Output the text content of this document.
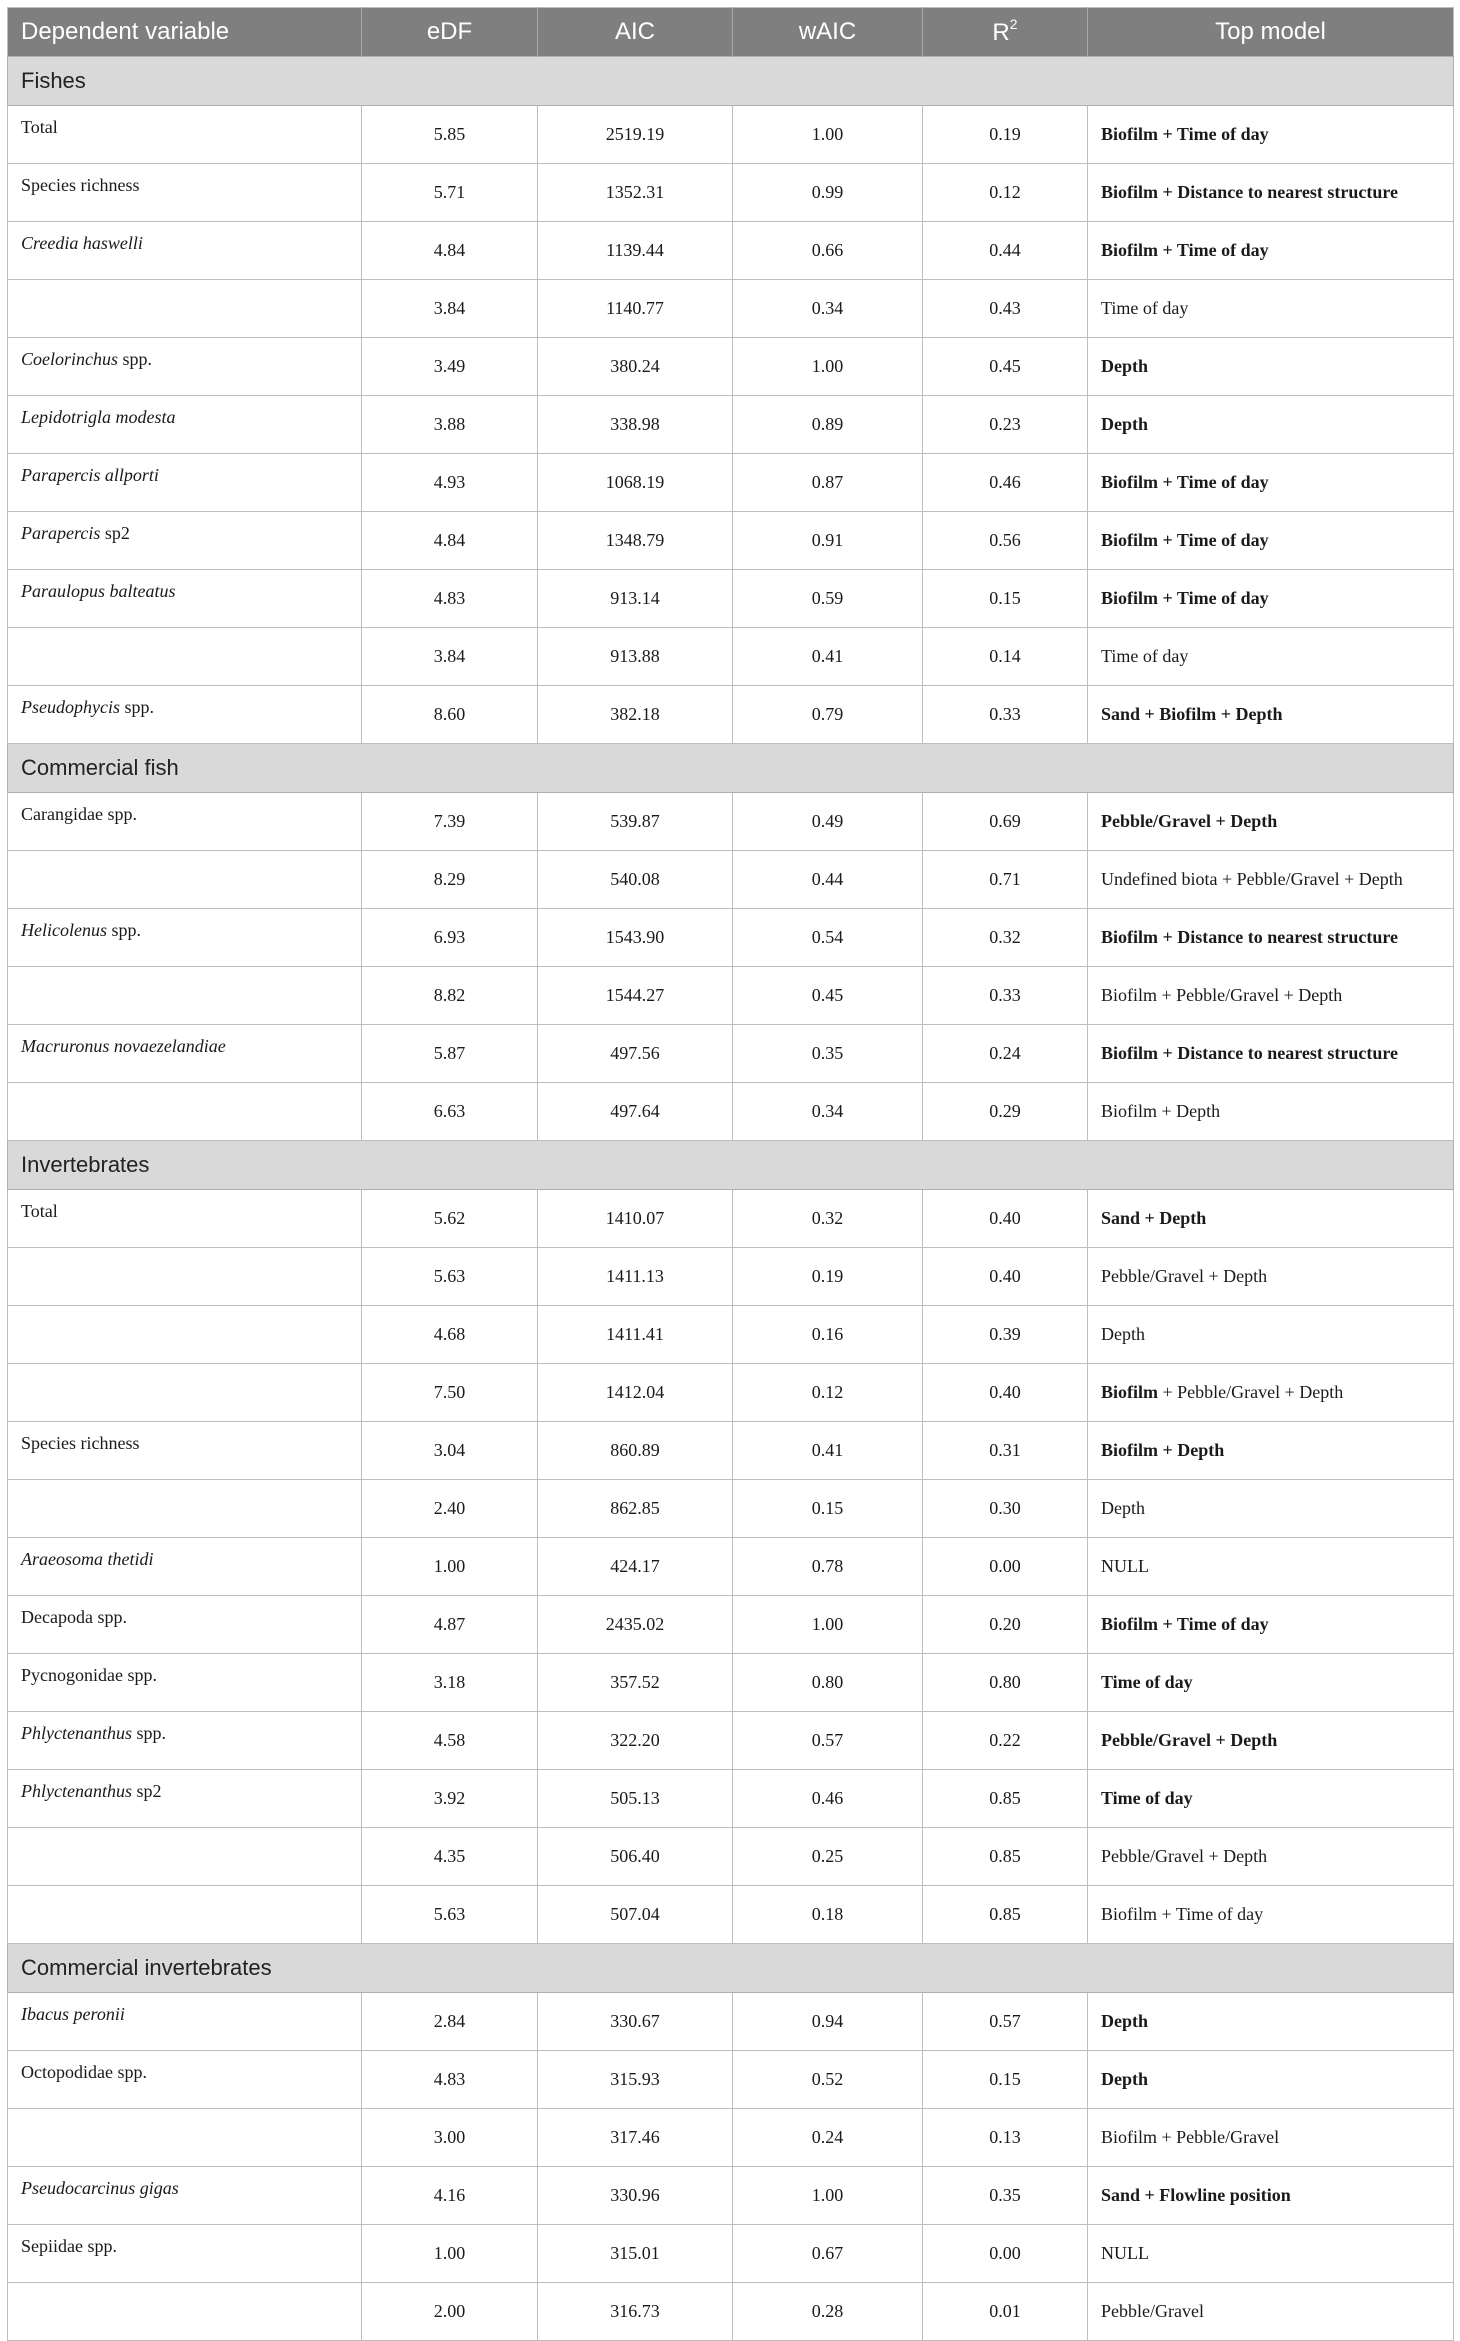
Dependent variable	eDF	AIC	wAIC	$R^2$	Top model
Fishes					
Total	5.85	2519.19	1.00	0.19	Biofilm + Time of day
Species richness	5.71	1352.31	0.99	0.12	Biofilm + Distance to nearest structure
Creedia haswelli	4.84	1139.44	0.66	0.44	Biofilm + Time of day
	3.84	1140.77	0.34	0.43	Time of day
Coelorinchus spp.	3.49	380.24	1.00	0.45	Depth
Lepidotrigla modesta	3.88	338.98	0.89	0.23	Depth
Parapercis allporti	4.93	1068.19	0.87	0.46	Biofilm + Time of day
Parapercis sp2	4.84	1348.79	0.91	0.56	Biofilm + Time of day
Paraulopus balteatus	4.83	913.14	0.59	0.15	Biofilm + Time of day
	3.84	913.88	0.41	0.14	Time of day
Pseudophycis spp.	8.60	382.18	0.79	0.33	Sand + Biofilm + Depth
Commercial fish					
Carangidae spp.	7.39	539.87	0.49	0.69	Pebble/Gravel + Depth
	8.29	540.08	0.44	0.71	Undefined biota + Pebble/Gravel + Depth
Helicolenus spp.	6.93	1543.90	0.54	0.32	Biofilm + Distance to nearest structure
	8.82	1544.27	0.45	0.33	Biofilm + Pebble/Gravel + Depth
Macruronus novaezelandiae	5.87	497.56	0.35	0.24	Biofilm + Distance to nearest structure
	6.63	497.64	0.34	0.29	Biofilm + Depth
Invertebrates					
Total	5.62	1410.07	0.32	0.40	Sand + Depth
	5.63	1411.13	0.19	0.40	Pebble/Gravel + Depth
	4.68	1411.41	0.16	0.39	Depth
	7.50	1412.04	0.12	0.40	Biofilm + Pebble/Gravel + Depth
Species richness	3.04	860.89	0.41	0.31	Biofilm + Depth
	2.40	862.85	0.15	0.30	Depth
Araeosoma thetidi	1.00	424.17	0.78	0.00	NULL
Decapoda spp.	4.87	2435.02	1.00	0.20	Biofilm + Time of day
Pycnogonidae spp.	3.18	357.52	0.80	0.80	Time of day
Phlyctenanthus spp.	4.58	322.20	0.57	0.22	Pebble/Gravel + Depth
Phlyctenanthus sp2	3.92	505.13	0.46	0.85	Time of day
	4.35	506.40	0.25	0.85	Pebble/Gravel + Depth
	5.63	507.04	0.18	0.85	Biofilm + Time of day
Commercial invertebrates					
Ibacus peronii	2.84	330.67	0.94	0.57	Depth
Octopodidae spp.	4.83	315.93	0.52	0.15	Depth
	3.00	317.46	0.24	0.13	Biofilm + Pebble/Gravel
Pseudocarcinus gigas	4.16	330.96	1.00	0.35	Sand + Flowline position
Sepiidae spp.	1.00	315.01	0.67	0.00	NULL
	2.00	316.73	0.28	0.01	Pebble/Gravel
